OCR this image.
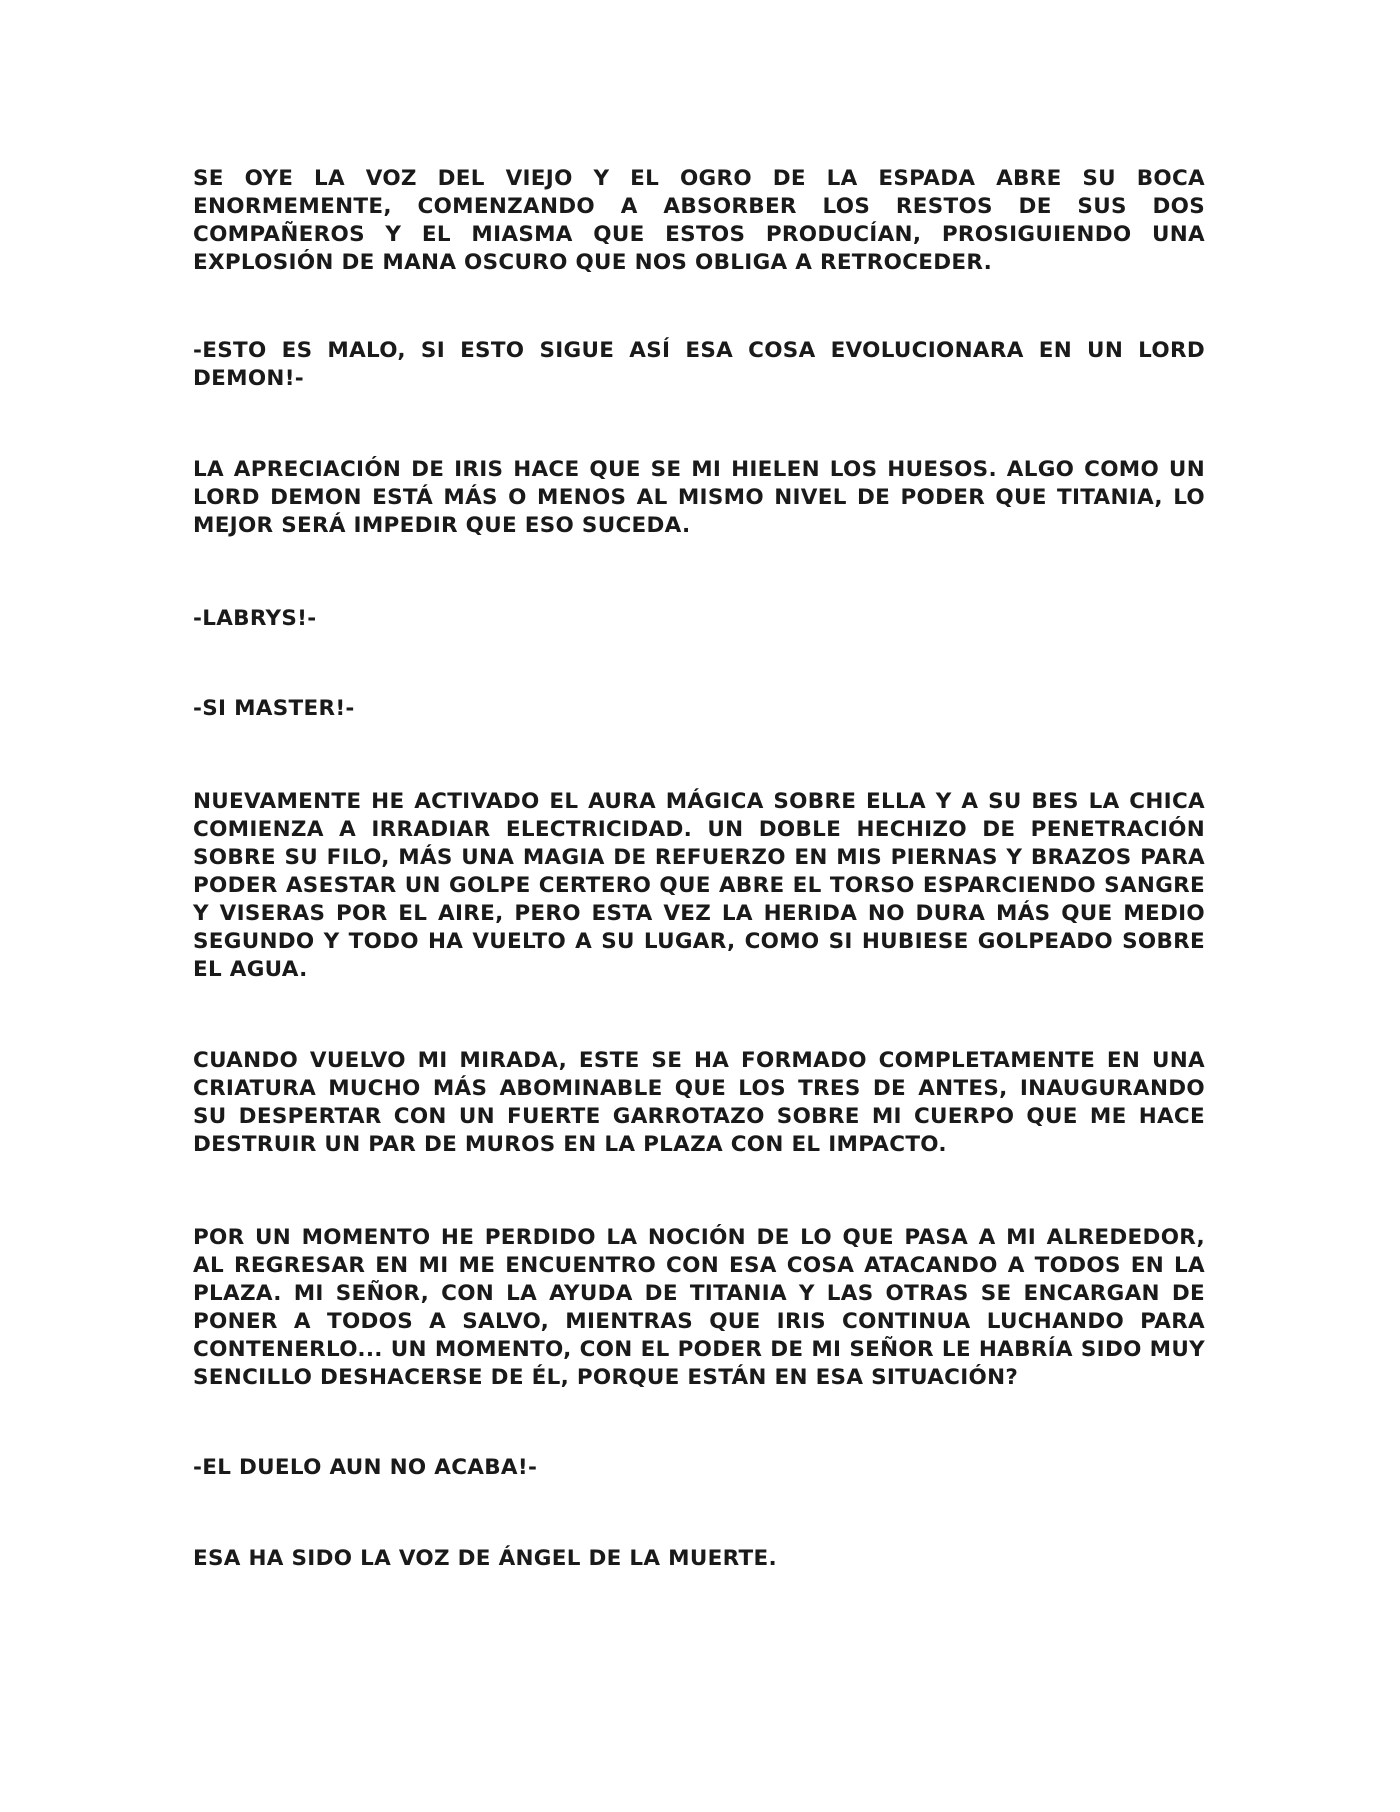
SE OYE LA VOZ DEL VIEJO Y EL OGRO DE LA ESPADA ABRE SU BOCA ENORMEMENTE, COMENZANDO A ABSORBER LOS RESTOS DE SUS DOS COMPAÑEROS Y EL MIASMA QUE ESTOS PRODUCÍAN, PROSIGUIENDO UNA EXPLOSIÓN DE MANA OSCURO QUE NOS OBLIGA A RETROCEDER.

-ESTO ES MALO, SI ESTO SIGUE ASÍ ESA COSA EVOLUCIONARA EN UN LORD DEMON!-

LA APRECIACIÓN DE IRIS HACE QUE SE MI HIELEN LOS HUESOS. ALGO COMO UN LORD DEMON ESTÁ MÁS O MENOS AL MISMO NIVEL DE PODER QUE TITANIA, LO MEJOR SERÁ IMPEDIR QUE ESO SUCEDA.

-LABRYS!-

-SI MASTER!-

NUEVAMENTE HE ACTIVADO EL AURA MÁGICA SOBRE ELLA Y A SU BES LA CHICA COMIENZA A IRRADIAR ELECTRICIDAD. UN DOBLE HECHIZO DE PENETRACIÓN SOBRE SU FILO, MÁS UNA MAGIA DE REFUERZO EN MIS PIERNAS Y BRAZOS PARA PODER ASESTAR UN GOLPE CERTERO QUE ABRE EL TORSO ESPARCIENDO SANGRE Y VISERAS POR EL AIRE, PERO ESTA VEZ LA HERIDA NO DURA MÁS QUE MEDIO SEGUNDO Y TODO HA VUELTO A SU LUGAR, COMO SI HUBIESE GOLPEADO SOBRE EL AGUA.

CUANDO VUELVO MI MIRADA, ESTE SE HA FORMADO COMPLETAMENTE EN UNA CRIATURA MUCHO MÁS ABOMINABLE QUE LOS TRES DE ANTES, INAUGURANDO SU DESPERTAR CON UN FUERTE GARROTAZO SOBRE MI CUERPO QUE ME HACE DESTRUIR UN PAR DE MUROS EN LA PLAZA CON EL IMPACTO.

POR UN MOMENTO HE PERDIDO LA NOCIÓN DE LO QUE PASA A MI ALREDEDOR, AL REGRESAR EN MI ME ENCUENTRO CON ESA COSA ATACANDO A TODOS EN LA PLAZA. MI SEÑOR, CON LA AYUDA DE TITANIA Y LAS OTRAS SE ENCARGAN DE PONER A TODOS A SALVO, MIENTRAS QUE IRIS CONTINUA LUCHANDO PARA CONTENERLO... UN MOMENTO, CON EL PODER DE MI SEÑOR LE HABRÍA SIDO MUY SENCILLO DESHACERSE DE ÉL, PORQUE ESTÁN EN ESA SITUACIÓN?

-EL DUELO AUN NO ACABA!-

ESA HA SIDO LA VOZ DE ÁNGEL DE LA MUERTE.
